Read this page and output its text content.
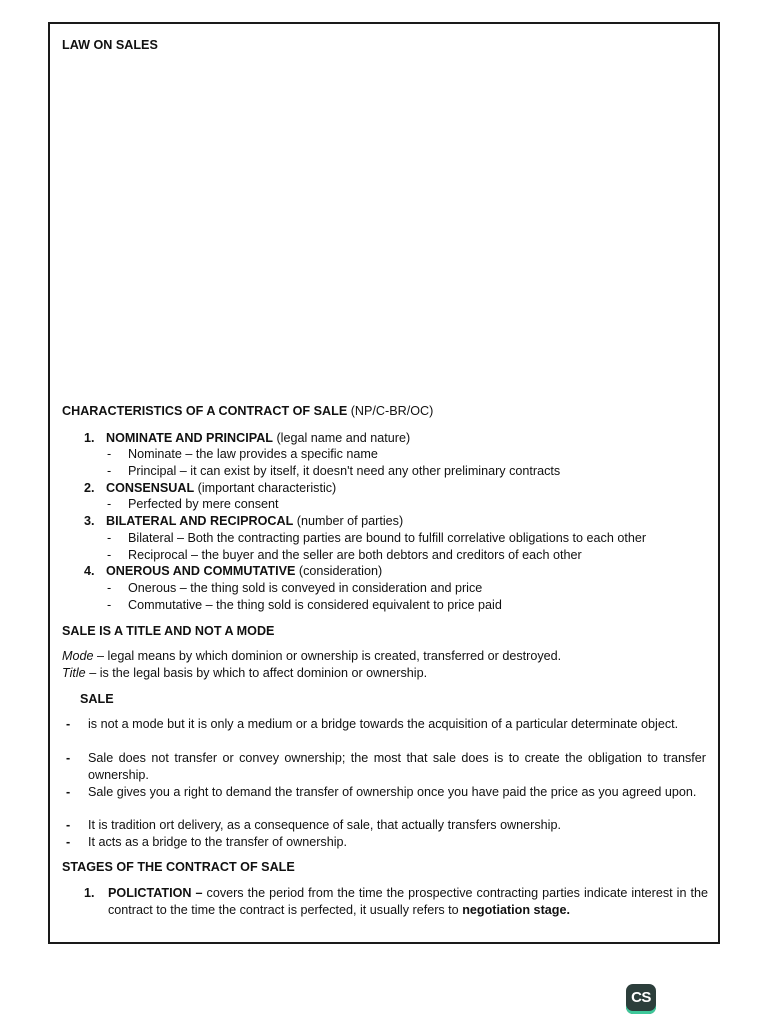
LAW ON SALES
CHARACTERISTICS OF A CONTRACT OF SALE (NP/C-BR/OC)
1. NOMINATE AND PRINCIPAL (legal name and nature)
- Nominate – the law provides a specific name
- Principal – it can exist by itself, it doesn't need any other preliminary contracts
2. CONSENSUAL (important characteristic)
- Perfected by mere consent
3. BILATERAL AND RECIPROCAL (number of parties)
- Bilateral – Both the contracting parties are bound to fulfill correlative obligations to each other
- Reciprocal – the buyer and the seller are both debtors and creditors of each other
4. ONEROUS AND COMMUTATIVE (consideration)
- Onerous – the thing sold is conveyed in consideration and price
- Commutative – the thing sold is considered equivalent to price paid
SALE IS A TITLE AND NOT A MODE
Mode – legal means by which dominion or ownership is created, transferred or destroyed.
Title – is the legal basis by which to affect dominion or ownership.
SALE
- is not a mode but it is only a medium or a bridge towards the acquisition of a particular determinate object.
- Sale does not transfer or convey ownership; the most that sale does is to create the obligation to transfer ownership.
- Sale gives you a right to demand the transfer of ownership once you have paid the price as you agreed upon.
- It is tradition ort delivery, as a consequence of sale, that actually transfers ownership.
- It acts as a bridge to the transfer of ownership.
STAGES OF THE CONTRACT OF SALE
1. POLICTATION – covers the period from the time the prospective contracting parties indicate interest in the contract to the time the contract is perfected, it usually refers to negotiation stage.
CS
